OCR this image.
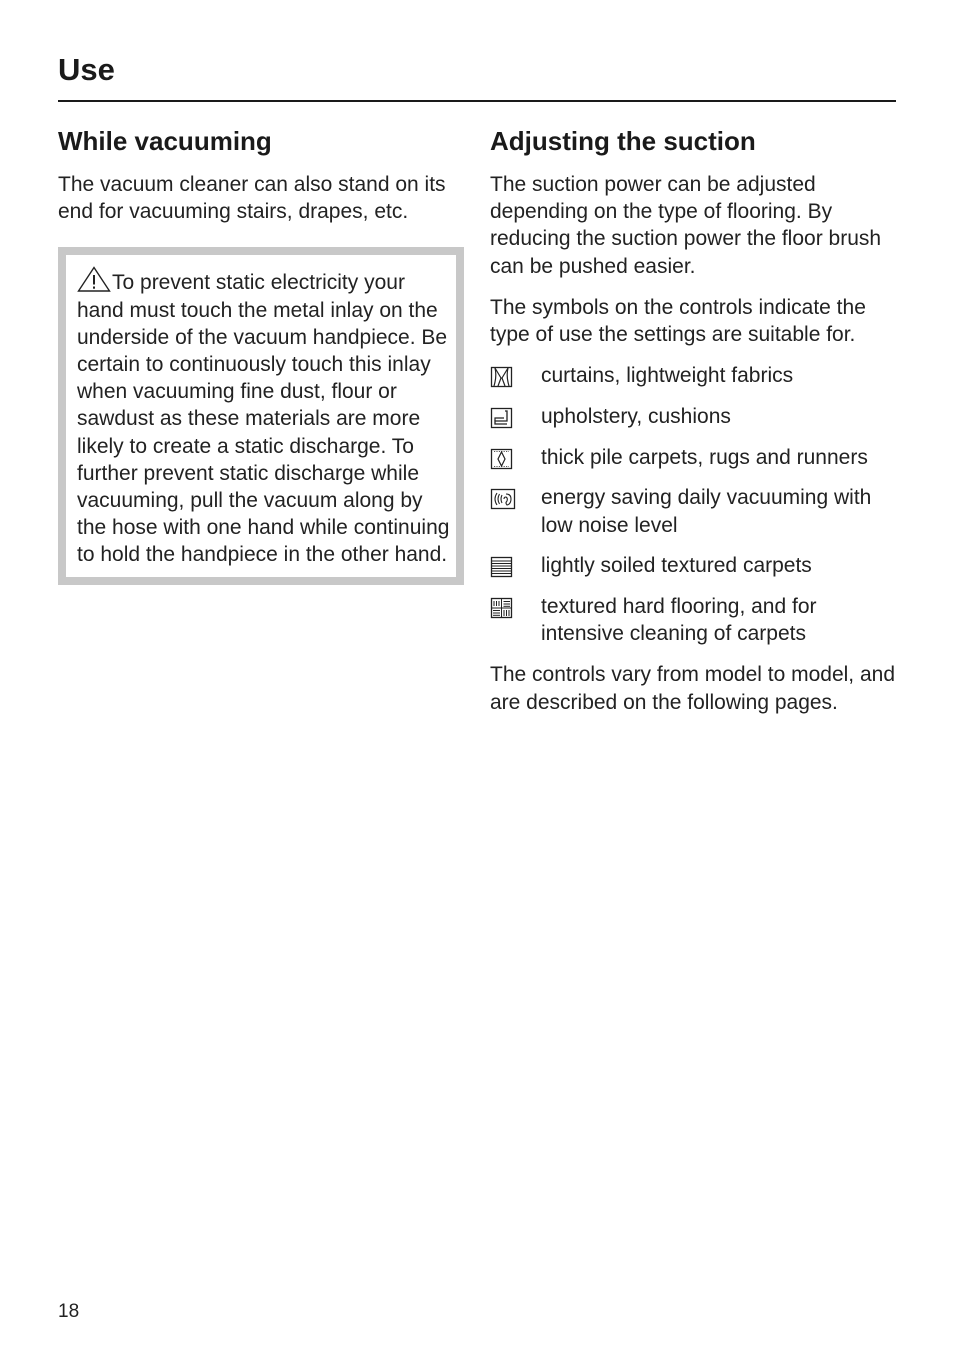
Use
While vacuuming

The vacuum cleaner can also stand on its end for vacuuming stairs, drapes, etc.

To prevent static electricity your hand must touch the metal inlay on the underside of the vacuum handpiece. Be certain to continuously touch this inlay when vacuuming fine dust, flour or sawdust as these materials are more likely to create a static discharge. To further prevent static discharge while vacuuming, pull the vacuum along by the hose with one hand while continuing to hold the handpiece in the other hand.

Adjusting the suction

The suction power can be adjusted depending on the type of flooring. By reducing the suction power the floor brush can be pushed easier.

The symbols on the controls indicate the type of use the settings are suitable for.

curtains, lightweight fabrics
upholstery, cushions
thick pile carpets, rugs and runners
energy saving daily vacuuming with low noise level
lightly soiled textured carpets
textured hard flooring, and for intensive cleaning of carpets

The controls vary from model to model, and are described on the following pages.

18
